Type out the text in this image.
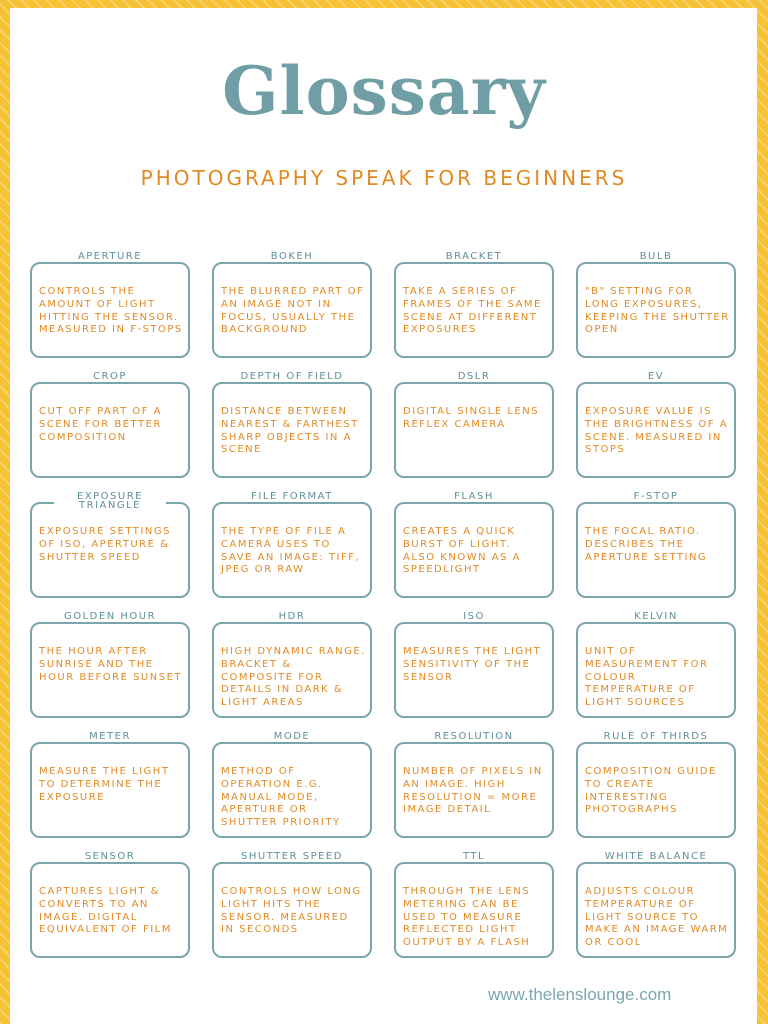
Glossary
PHOTOGRAPHY SPEAK FOR BEGINNERS
APERTURE
CONTROLS THE AMOUNT OF LIGHT HITTING THE SENSOR. MEASURED IN F-STOPS
BOKEH
THE BLURRED PART OF AN IMAGE NOT IN FOCUS, USUALLY THE BACKGROUND
BRACKET
TAKE A SERIES OF FRAMES OF THE SAME SCENE AT DIFFERENT EXPOSURES
BULB
"B" SETTING FOR LONG EXPOSURES, KEEPING THE SHUTTER OPEN
CROP
CUT OFF PART OF A SCENE FOR BETTER COMPOSITION
DEPTH OF FIELD
DISTANCE BETWEEN NEAREST & FARTHEST SHARP OBJECTS IN A SCENE
DSLR
DIGITAL SINGLE LENS REFLEX CAMERA
EV
EXPOSURE VALUE IS THE BRIGHTNESS OF A SCENE. MEASURED IN STOPS
EXPOSURE TRIANGLE
EXPOSURE SETTINGS OF ISO, APERTURE & SHUTTER SPEED
FILE FORMAT
THE TYPE OF FILE A CAMERA USES TO SAVE AN IMAGE: TIFF, JPEG OR RAW
FLASH
CREATES A QUICK BURST OF LIGHT. ALSO KNOWN AS A SPEEDLIGHT
F-STOP
THE FOCAL RATIO. DESCRIBES THE APERTURE SETTING
GOLDEN HOUR
THE HOUR AFTER SUNRISE AND THE HOUR BEFORE SUNSET
HDR
HIGH DYNAMIC RANGE. BRACKET & COMPOSITE FOR DETAILS IN DARK & LIGHT AREAS
ISO
MEASURES THE LIGHT SENSITIVITY OF THE SENSOR
KELVIN
UNIT OF MEASUREMENT FOR COLOUR TEMPERATURE OF LIGHT SOURCES
METER
MEASURE THE LIGHT TO DETERMINE THE EXPOSURE
MODE
METHOD OF OPERATION E.G. MANUAL MODE, APERTURE OR SHUTTER PRIORITY
RESOLUTION
NUMBER OF PIXELS IN AN IMAGE. HIGH RESOLUTION = MORE IMAGE DETAIL
RULE OF THIRDS
COMPOSITION GUIDE TO CREATE INTERESTING PHOTOGRAPHS
SENSOR
CAPTURES LIGHT & CONVERTS TO AN IMAGE. DIGITAL EQUIVALENT OF FILM
SHUTTER SPEED
CONTROLS HOW LONG LIGHT HITS THE SENSOR. MEASURED IN SECONDS
TTL
THROUGH THE LENS METERING CAN BE USED TO MEASURE REFLECTED LIGHT OUTPUT BY A FLASH
WHITE BALANCE
ADJUSTS COLOUR TEMPERATURE OF LIGHT SOURCE TO MAKE AN IMAGE WARM OR COOL
www.thelenslounge.com
